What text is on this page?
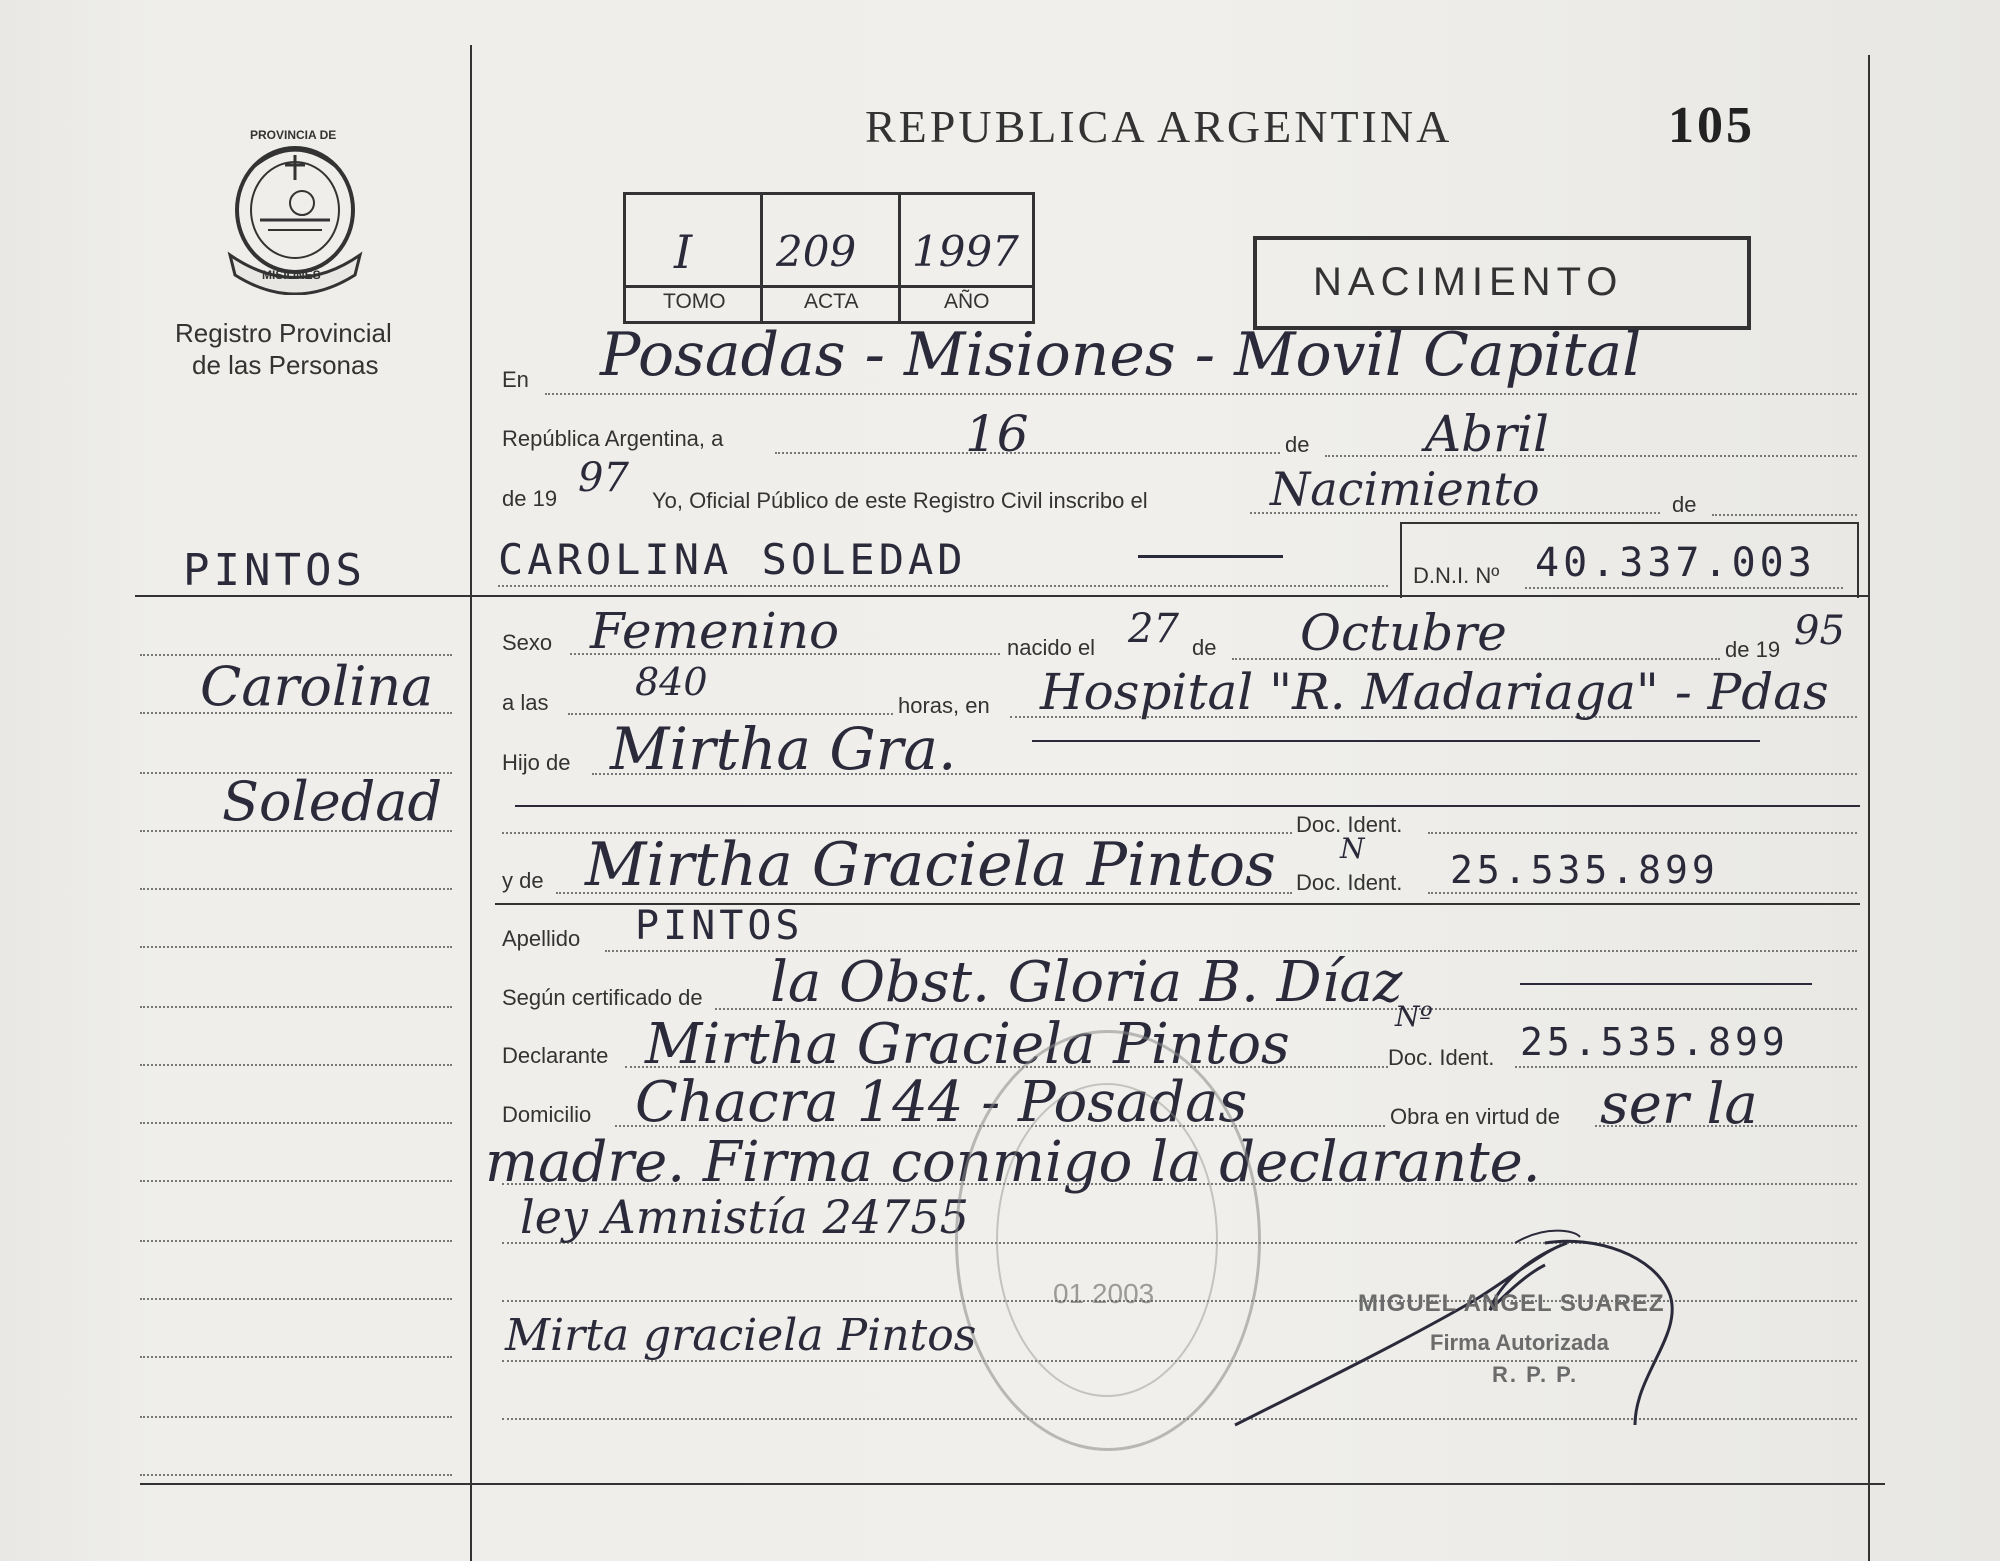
PROVINCIA DE
MISIONES
Registro Provincial
de las Personas
REPUBLICA ARGENTINA	105
I 209 1997
TOMO	ACTA	AÑO	NACIMIENTO
PINTOS
Carolina
Soledad
En Posadas - Misiones - Movil Capital
República Argentina, a	16	de Abril
de 19 97 Yo, Oficial Público de este Registro Civil inscribo el	Nacimiento	de
CAROLINA SOLEDAD	D.N.I. Nº 40.337.003
Sexo Femenino	nacido el 27 de Octubre	de 19 95
a las 840
horas, en Hospital "R. Madariaga" - Pdas
Hijo de Mirtha Gra.
Doc. Ident.
y de Mirtha Graciela Pintos N
Doc. Ident. 25.535.899
Apellido PINTOS
Según certificado de la Obst. Gloria B. Díaz
Declarante Mirtha Graciela Pintos	Nº
Doc. Ident. 25.535.899
Domicilio Chacra 144 - Posadas	Obra en virtud de ser la
madre. Firma conmigo la declarante.
ley Amnistía 24755
01 2003
Mirta graciela Pintos
MIGUEL ANGEL SUAREZ
Firma Autorizada
R. P. P.
